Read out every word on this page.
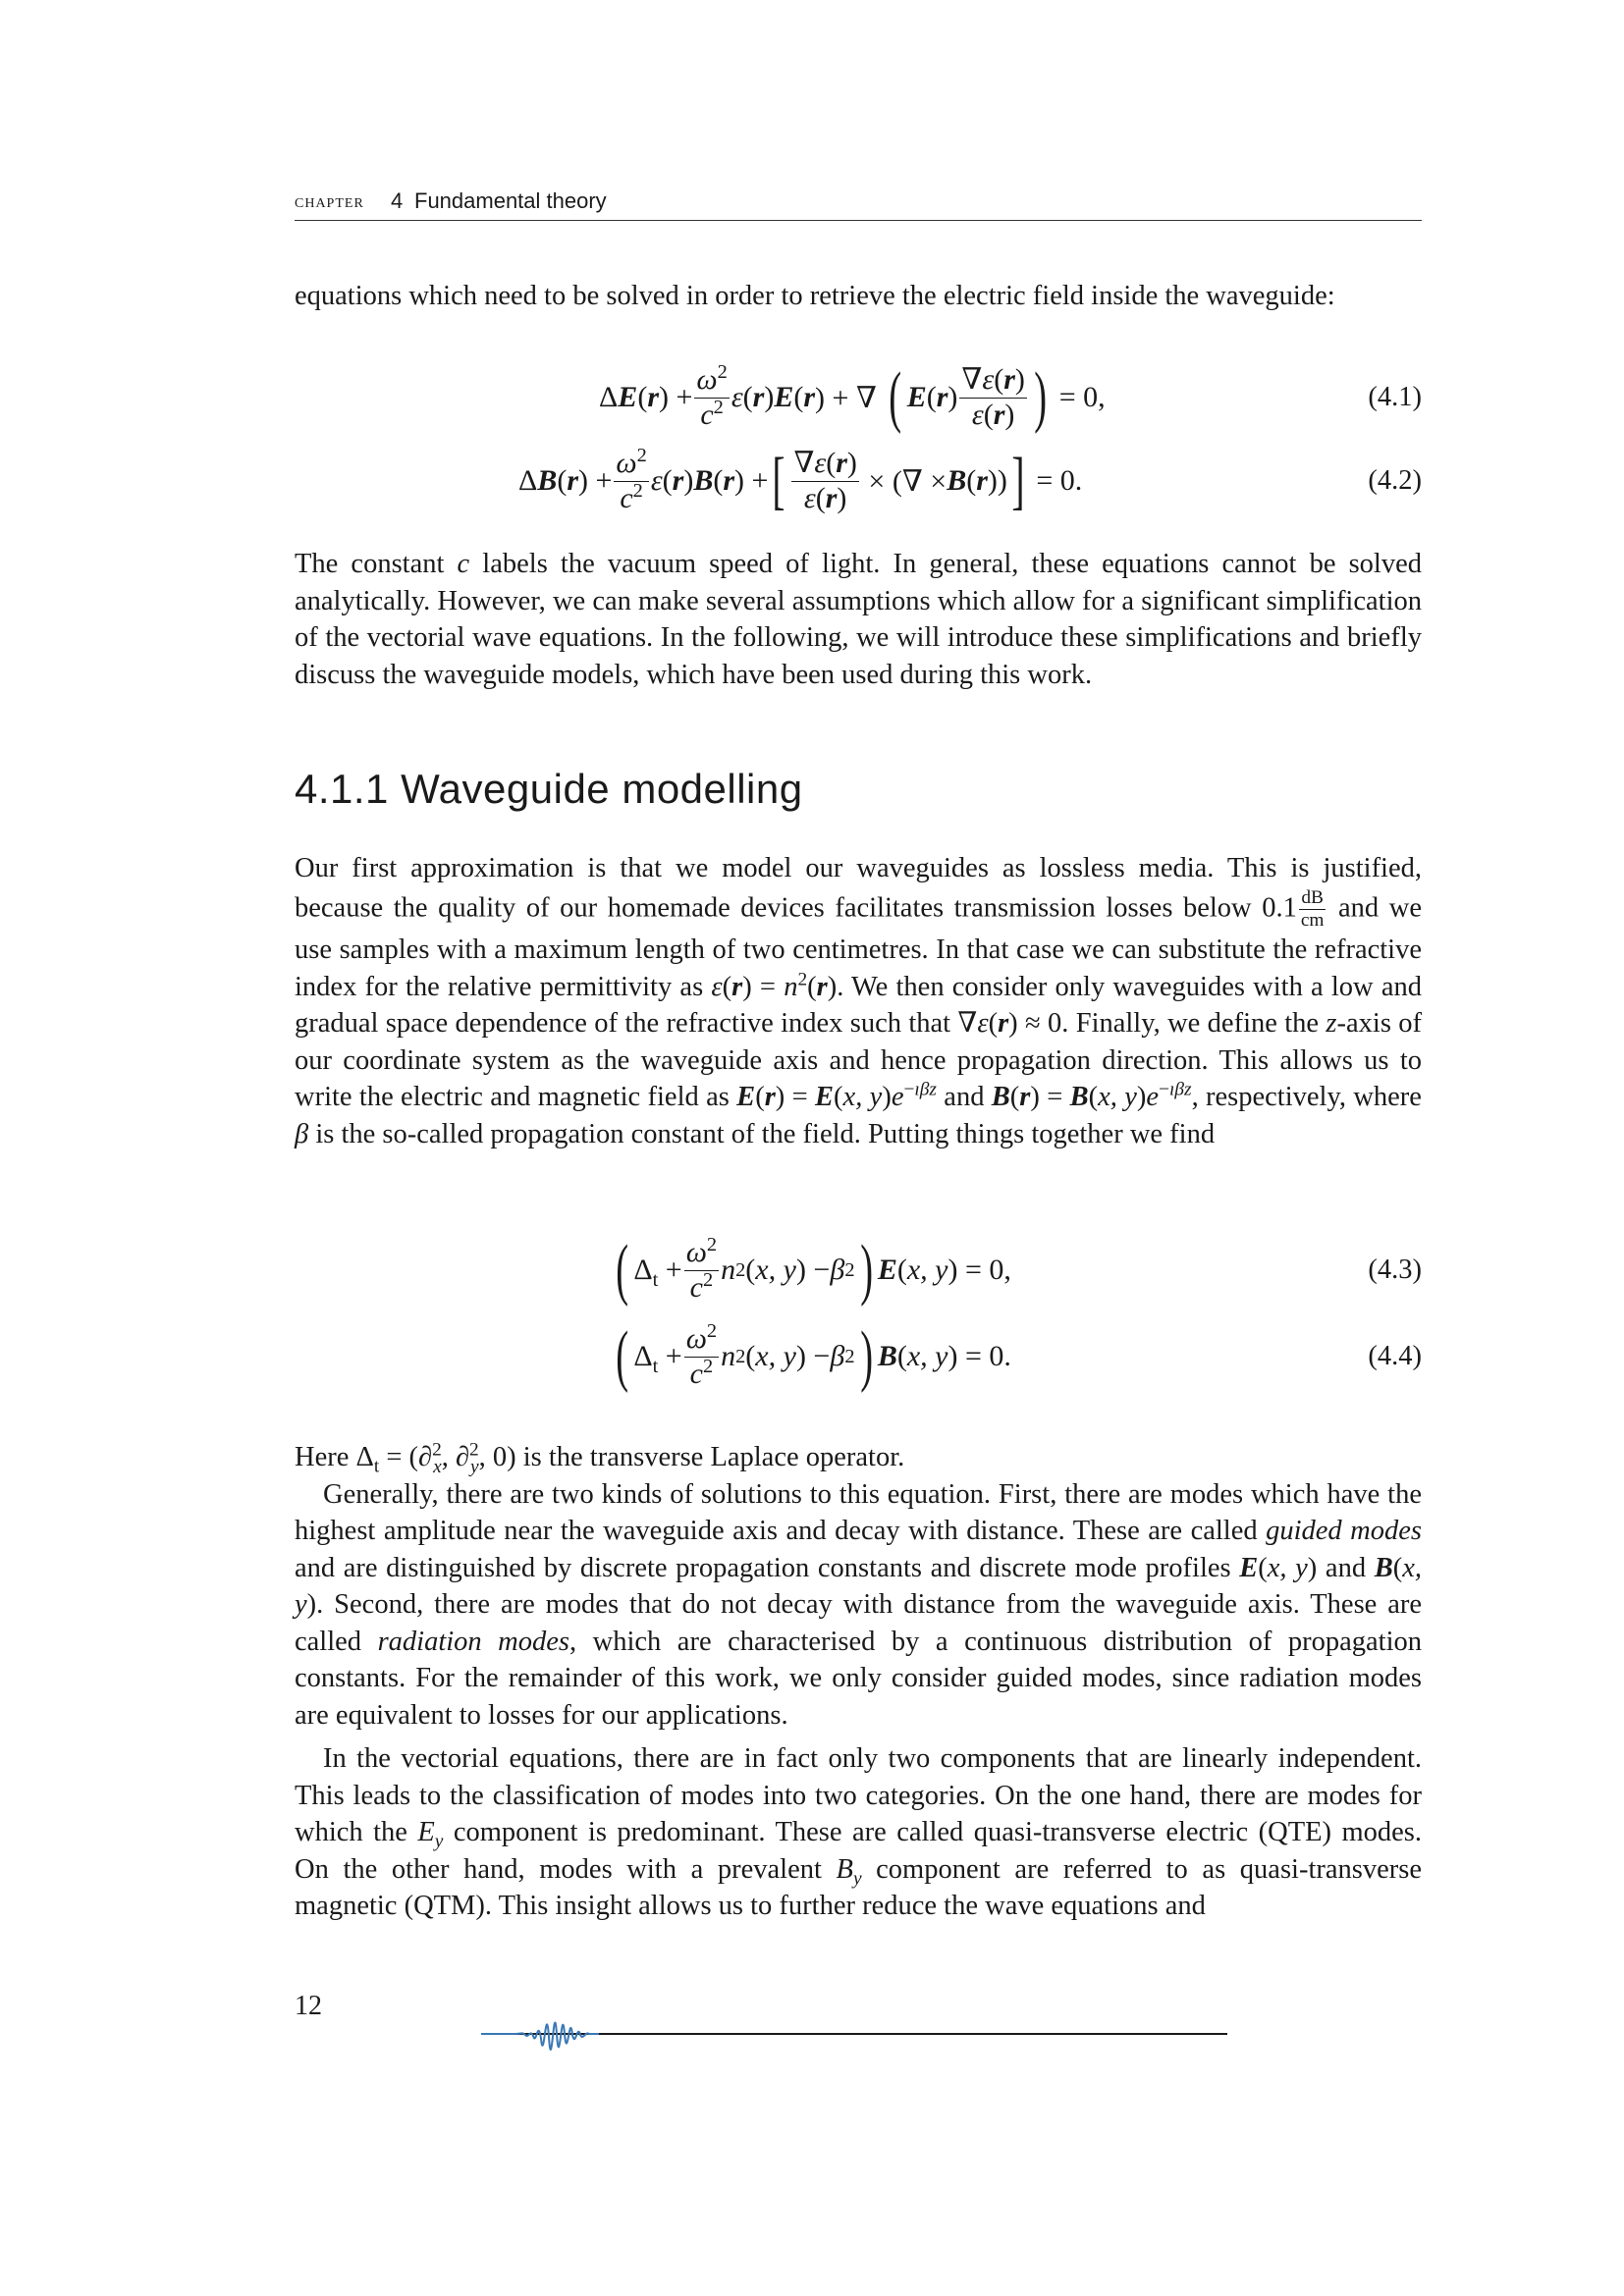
chapter 4 Fundamental theory

equations which need to be solved in order to retrieve the electric field inside the waveguide:

Δ E ( r ) + $\frac{\omega^2}{c^2}$ ε ( r ) E ( r ) + ∇ ( E ( r ) $\frac{\nabla\varepsilon(r)}{\varepsilon(r)}$ ) = 0,	(4.1)
Δ B ( r ) + $\frac{\omega^2}{c^2}$ ε ( r ) B ( r ) + [ $\frac{\nabla\varepsilon(r)}{\varepsilon(r)}$ × (∇ × B ( r )) ] = 0.	(4.2)

The constant c labels the vacuum speed of light. In general, these equations cannot be solved analytically. However, we can make several assumptions which allow for a significant simplification of the vectorial wave equations. In the following, we will introduce these simplifications and briefly discuss the waveguide models, which have been used during this work.

4.1.1 Waveguide modelling

Our first approximation is that we model our waveguides as lossless media. This is justified, because the quality of our homemade devices facilitates transmission losses below $0.1 \frac{dB}{cm}$ and we use samples with a maximum length of two centimetres. In that case we can substitute the refractive index for the relative permittivity as $\varepsilon(r) = n^2(r)$. We then consider only waveguides with a low and gradual space dependence of the refractive index such that ∇ε(r) ≈ 0. Finally, we define the z-axis of our coordinate system as the waveguide axis and hence propagation direction. This allows us to write the electric and magnetic field as E(r) = E(x, $y)e^{-ı\beta z}$ and B(r) = B(x, $y)e^{-ı\beta z}$, respectively, where β is the so-called propagation constant of the field. Putting things together we find

( $\Delta_t + \frac{\omega^2}{c^2}$ n 2 ( x, y ) − β 2 ) E ( x, y ) = 0,	(4.3)
( $\Delta_t + \frac{\omega^2}{c^2}$ n 2 ( x, y ) − β 2 ) B ( x, y ) = 0.	(4.4)

Here $\Delta_t = (\partial^2_x$, ∂$^2_y$, 0) is the transverse Laplace operator.

Generally, there are two kinds of solutions to this equation. First, there are modes which have the highest amplitude near the waveguide axis and decay with distance. These are called guided modes and are distinguished by discrete propagation constants and discrete mode profiles E(x, y) and B(x, y). Second, there are modes that do not decay with distance from the waveguide axis. These are called radiation modes, which are characterised by a continuous distribution of propagation constants. For the remainder of this work, we only consider guided modes, since radiation modes are equivalent to losses for our applications.

In the vectorial equations, there are in fact only two components that are linearly independent. This leads to the classification of modes into two categories. On the one hand, there are modes for which the $E_y$ component is predominant. These are called quasi-transverse electric (QTE) modes. On the other hand, modes with a prevalent $B_y$ component are referred to as quasi-transverse magnetic (QTM). This insight allows us to further reduce the wave equations and

12
